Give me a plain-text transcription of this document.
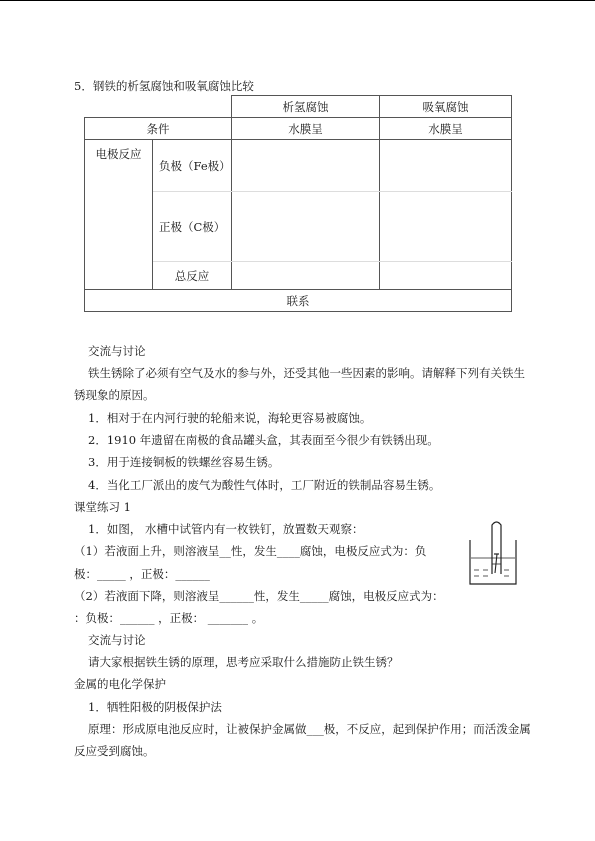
5．钢铁的析氢腐蚀和吸氧腐蚀比较
		析氢腐蚀	吸氧腐蚀
条件		水膜呈	水膜呈
电极反应	负极（Fe极）		
	正极（C极）		
	总反应		
联系			
交流与讨论
铁生锈除了必须有空气及水的参与外，还受其他一些因素的影响。请解释下列有关铁生
锈现象的原因。
1．相对于在内河行驶的轮船来说，海轮更容易被腐蚀。
2．1910 年遗留在南极的食品罐头盒，其表面至今很少有铁锈出现。
3．用于连接铜板的铁螺丝容易生锈。
4．当化工厂派出的废气为酸性气体时，工厂附近的铁制品容易生锈。
课堂练习 1
1．如图， 水槽中试管内有一枚铁钉，放置数天观察：
（1）若液面上升，则溶液呈__性，发生____腐蚀，电极反应式为：负
极：_____ ，正极：______
（2）若液面下降，则溶液呈______性，发生_____腐蚀，电极反应式为：
：负极：______ ，正极： _______ 。
交流与讨论
请大家根据铁生锈的原理，思考应采取什么措施防止铁生锈？
金属的电化学保护
1．牺牲阳极的阴极保护法
原理：形成原电池反应时，让被保护金属做___极，不反应，起到保护作用；而活泼金属
反应受到腐蚀。
